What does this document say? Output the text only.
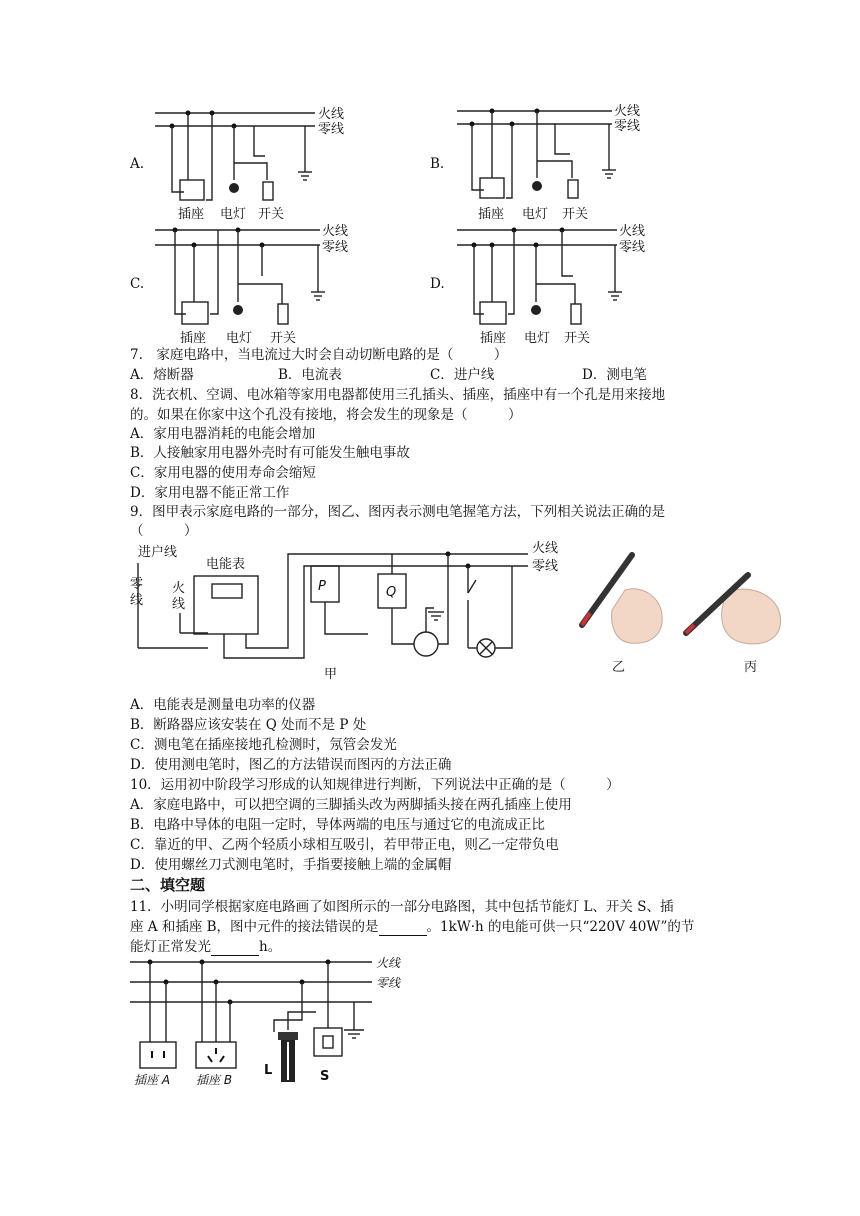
A.
火线
零线
插座 电灯 开关
B.
火线
零线
插座 电灯 开关
C.
火线
零线
插座 电灯 开关
D.
火线
零线
插座 电灯 开关
7.　家庭电路中，当电流过大时会自动切断电路的是（　　　）
A．熔断器	B．电流表	C．进户线	D．测电笔
8．洗衣机、空调、电冰箱等家用电器都使用三孔插头、插座，插座中有一个孔是用来接地
的。如果在你家中这个孔没有接地，将会发生的现象是（　　　）
A．家用电器消耗的电能会增加
B．人接触家用电器外壳时有可能发生触电事故
C．家用电器的使用寿命会缩短
D．家用电器不能正常工作
9．图甲表示家庭电路的一部分，图乙、图丙表示测电笔握笔方法，下列相关说法正确的是
（　　　）
进户线
电能表
零
线
火
线
火线
零线
P	Q
甲	乙	丙
A．电能表是测量电功率的仪器
B．断路器应该安装在 Q 处而不是 P 处
C．测电笔在插座接地孔检测时，氖管会发光
D．使用测电笔时，图乙的方法错误而图丙的方法正确
10．运用初中阶段学习形成的认知规律进行判断，下列说法中正确的是（　　　）
A．家庭电路中，可以把空调的三脚插头改为两脚插头接在两孔插座上使用
B．电路中导体的电阻一定时，导体两端的电压与通过它的电流成正比
C．靠近的甲、乙两个轻质小球相互吸引，若甲带正电，则乙一定带负电
D．使用螺丝刀式测电笔时，手指要接触上端的金属帽
二、填空题
11．小明同学根据家庭电路画了如图所示的一部分电路图，其中包括节能灯 L、开关 S、插
座 A 和插座 B，图中元件的接法错误的是	。1kW·h 的电能可供一只“220V 40W”的节
能灯正常发光	h。
火线
零线
插座 A 插座 B
L	S
